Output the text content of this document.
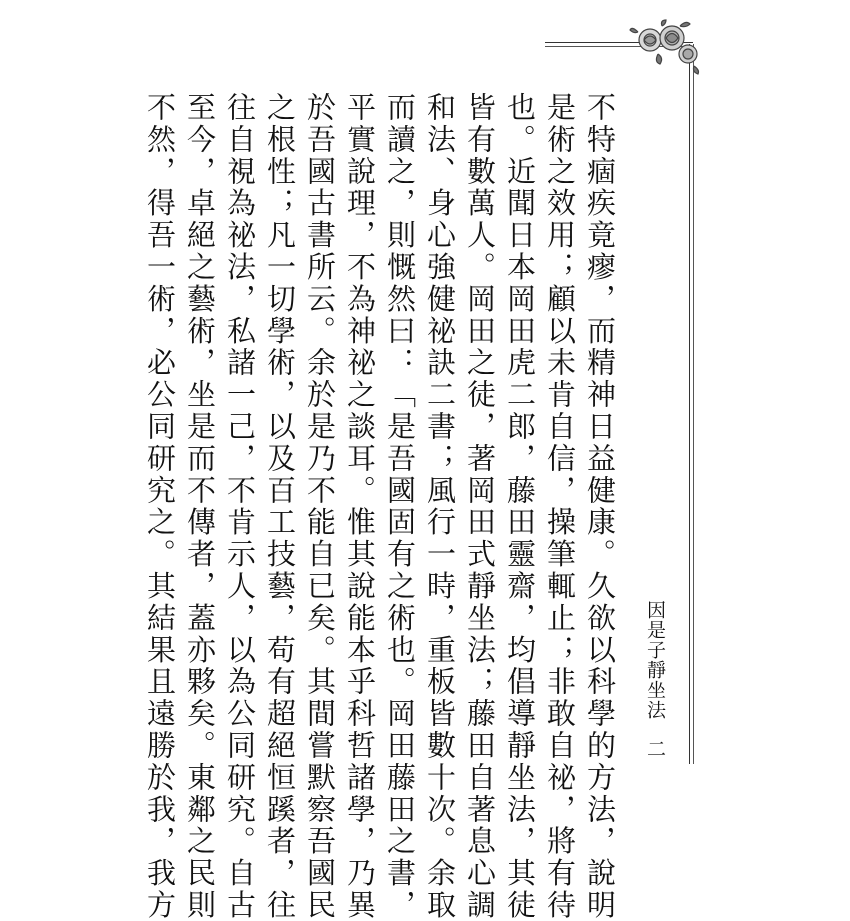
因是子靜坐法 二
不特痼疾竟瘳，而精神日益健康。久欲以科學的方法，說明
是術之效用；顧以未肯自信，操筆輒止；非敢自祕，將有待
也。近聞日本岡田虎二郎，藤田靈齋，均倡導靜坐法，其徒
皆有數萬人。岡田之徒，著岡田式靜坐法；藤田自著息心調
和法、身心強健祕訣二書；風行一時，重板皆數十次。余取
而讀之，則慨然曰：「是吾國固有之術也。岡田藤田之書，
平實說理，不為神祕之談耳。惟其說能本乎科哲諸學，乃異
於吾國古書所云。余於是乃不能自已矣。其間嘗默察吾國民
之根性；凡一切學術，以及百工技藝，苟有超絕恒蹊者，往
往自視為祕法，私諸一己，不肯示人，以為公同研究。自古
至今，卓絕之藝術，坐是而不傳者，蓋亦夥矣。東鄰之民則
不然，得吾一術，必公同研究之。其結果且遠勝於我，我方
